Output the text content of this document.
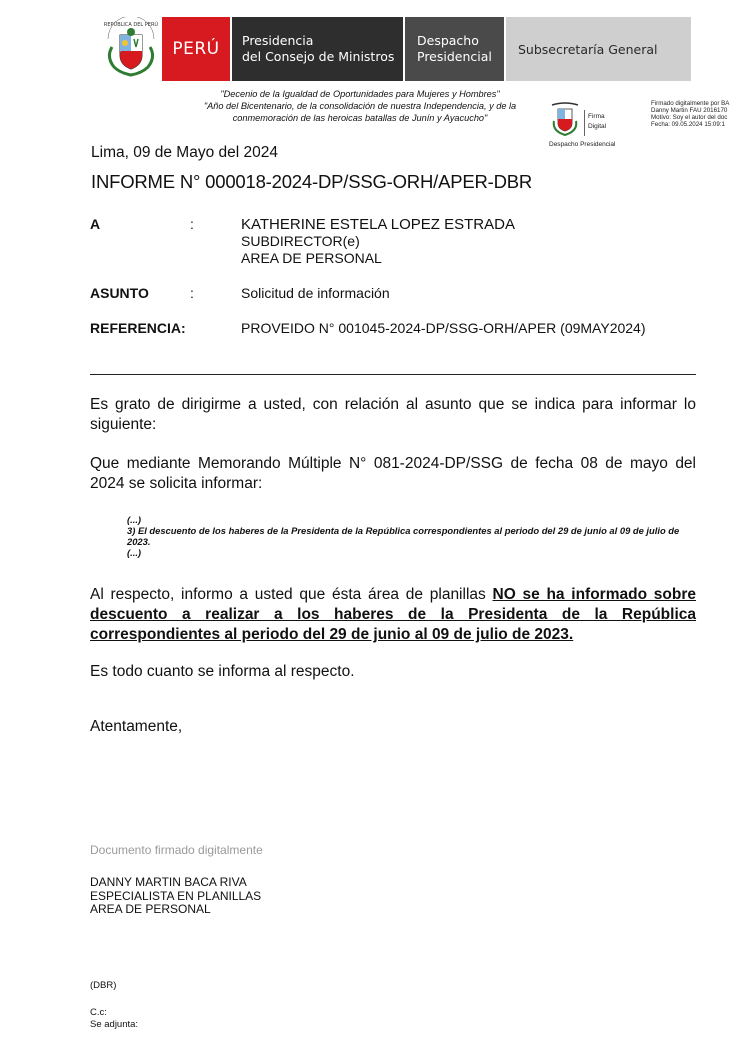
REPÚBLICA DEL PERÚ
PERÚ Presidencia
del Consejo de Ministros
Despacho
Presidencial Subsecretaría General
"Decenio de la Igualdad de Oportunidades para Mujeres y Hombres"
"Año del Bicentenario, de la consolidación de nuestra Independencia, y de la
conmemoración de las heroicas batallas de Junín y Ayacucho"	Firma
Digital
Despacho Presidencial
Firmado digitalmente por BA
Danny Martin FAU 2016170
Motivo: Soy el autor del doc
Fecha: 09.05.2024 15:09:1
Lima, 09 de Mayo del 2024
INFORME N° 000018-2024-DP/SSG-ORH/APER-DBR
A	:	KATHERINE ESTELA LOPEZ ESTRADA
SUBDIRECTOR(e)
AREA DE PERSONAL
ASUNTO	:	Solicitud de información
REFERENCIA:	PROVEIDO N° 001045-2024-DP/SSG-ORH/APER (09MAY2024)
Es grato de dirigirme a usted, con relación al asunto que se indica para informar lo siguiente:
Que mediante Memorando Múltiple N° 081-2024-DP/SSG de fecha 08 de mayo del 2024 se solicita informar:
(...)
3) El descuento de los haberes de la Presidenta de la República correspondientes al periodo del 29 de junio al 09 de julio de 2023.
(...)
Al respecto, informo a usted que ésta área de planillas NO se ha informado sobre descuento a realizar a los haberes de la Presidenta de la República correspondientes al periodo del 29 de junio al 09 de julio de 2023.
Es todo cuanto se informa al respecto.
Atentamente,
Documento firmado digitalmente
DANNY MARTIN BACA RIVA
ESPECIALISTA EN PLANILLAS
AREA DE PERSONAL
(DBR)
C.c:
Se adjunta:
